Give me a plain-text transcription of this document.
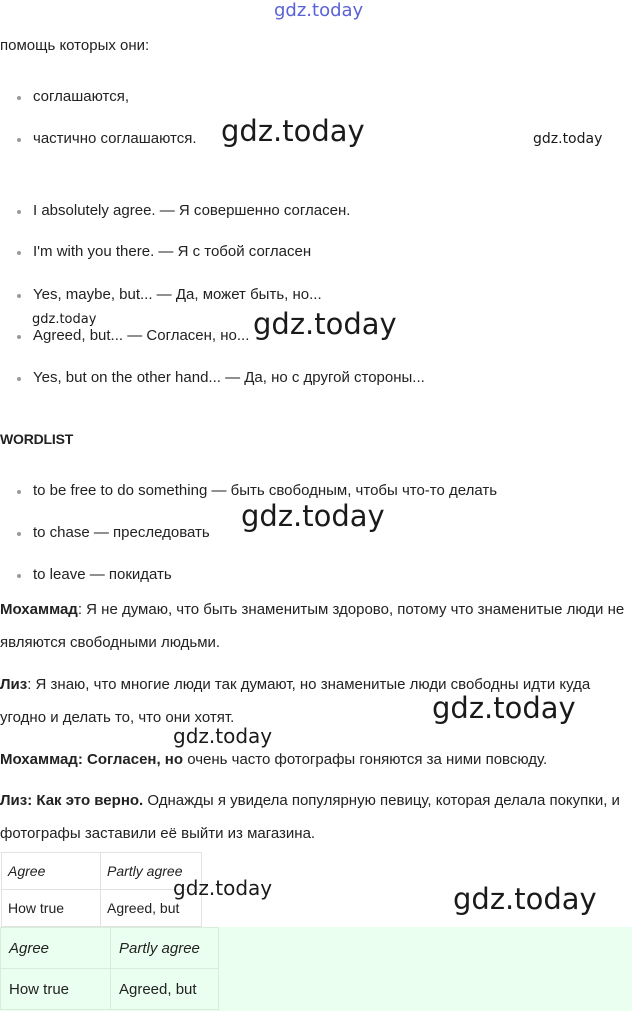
gdz.today

помощь которых они:

соглашаются,
частично соглашаются.
I absolutely agree. — Я совершенно согласен.
I'm with you there. — Я с тобой согласен
Yes, maybe, but... — Да, может быть, но...
Agreed, but... — Согласен, но...
Yes, but on the other hand... — Да, но с другой стороны...
WORDLIST
to be free to do something — быть свободным, чтобы что-то делать
to chase — преследовать
to leave — покидать

Мохаммад: Я не думаю, что быть знаменитым здорово, потому что знаменитые люди не являются свободными людьми.

Лиз: Я знаю, что многие люди так думают, но знаменитые люди свободны идти куда угодно и делать то, что они хотят.

Мохаммад: Согласен, но очень часто фотографы гоняются за ними повсюду.

Лиз: Как это верно. Однажды я увидела популярную певицу, которая делала покупки, и фотографы заставили её выйти из магазина.

Agree	Partly agree
How true	Agreed, but
Agree	Partly agree
How true	Agreed, but
gdz.today	gdz.today
gdz.today	gdz.today
gdz.today
gdz.today
gdz.today
gdz.today	gdz.today
